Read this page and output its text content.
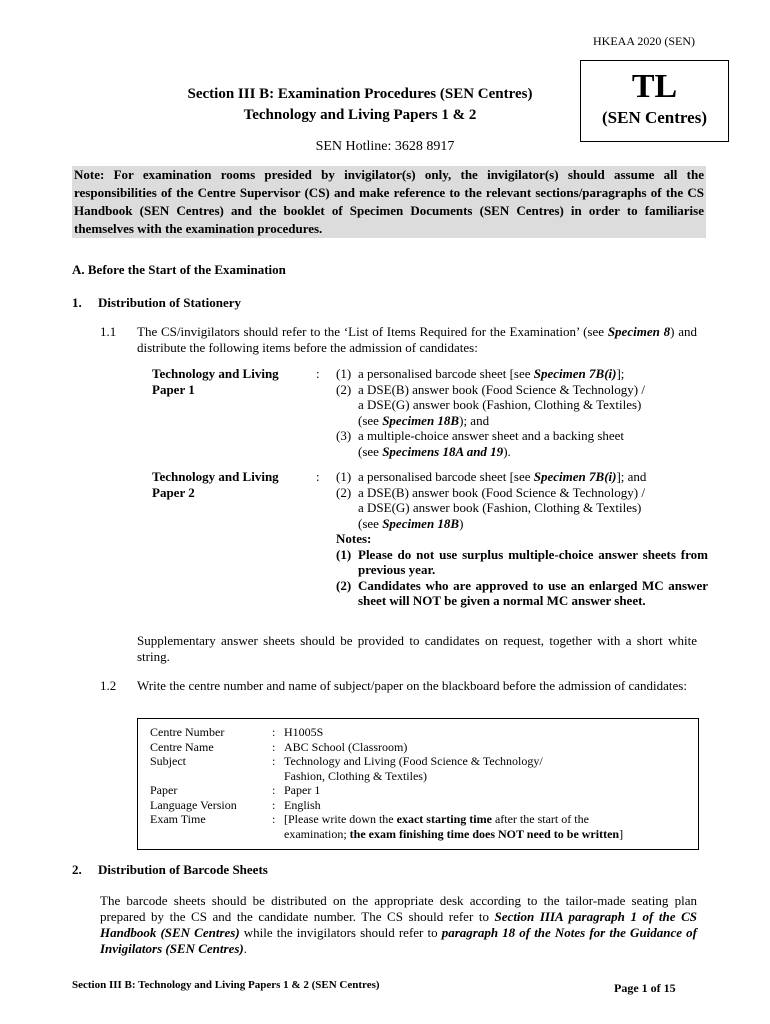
HKEAA 2020 (SEN)
Section III B: Examination Procedures (SEN Centres)
Technology and Living Papers 1 & 2
TL
(SEN Centres)
SEN Hotline: 3628 8917
Note: For examination rooms presided by invigilator(s) only, the invigilator(s) should assume all the responsibilities of the Centre Supervisor (CS) and make reference to the relevant sections/paragraphs of the CS Handbook (SEN Centres) and the booklet of Specimen Documents (SEN Centres) in order to familiarise themselves with the examination procedures.
A. Before the Start of the Examination
1. Distribution of Stationery
1.1 The CS/invigilators should refer to the ‘List of Items Required for the Examination’ (see Specimen 8) and distribute the following items before the admission of candidates:
Technology and Living Paper 1
: (1) a personalised barcode sheet [see Specimen 7B(i)];
(2) a DSE(B) answer book (Food Science & Technology) /
a DSE(G) answer book (Fashion, Clothing & Textiles)
(see Specimen 18B); and
(3) a multiple-choice answer sheet and a backing sheet
(see Specimens 18A and 19).
Technology and Living Paper 2
: (1) a personalised barcode sheet [see Specimen 7B(i)]; and
(2) a DSE(B) answer book (Food Science & Technology) /
a DSE(G) answer book (Fashion, Clothing & Textiles)
(see Specimen 18B)
Notes:
(1) Please do not use surplus multiple-choice answer sheets from previous year.
(2) Candidates who are approved to use an enlarged MC answer sheet will NOT be given a normal MC answer sheet.
Supplementary answer sheets should be provided to candidates on request, together with a short white string.
1.2 Write the centre number and name of subject/paper on the blackboard before the admission of candidates:
Centre Number	: H1005S
Centre Name	: ABC School (Classroom)
Subject	: Technology and Living (Food Science & Technology/
Fashion, Clothing & Textiles)
Paper	: Paper 1
Language Version	: English
Exam Time	: [Please write down the exact starting time after the start of the
examination; the exam finishing time does NOT need to be written]
2. Distribution of Barcode Sheets
The barcode sheets should be distributed on the appropriate desk according to the tailor-made seating plan prepared by the CS and the candidate number. The CS should refer to Section IIIA paragraph 1 of the CS Handbook (SEN Centres) while the invigilators should refer to paragraph 18 of the Notes for the Guidance of Invigilators (SEN Centres).
Section III B: Technology and Living Papers 1 & 2 (SEN Centres)	Page 1 of 15
